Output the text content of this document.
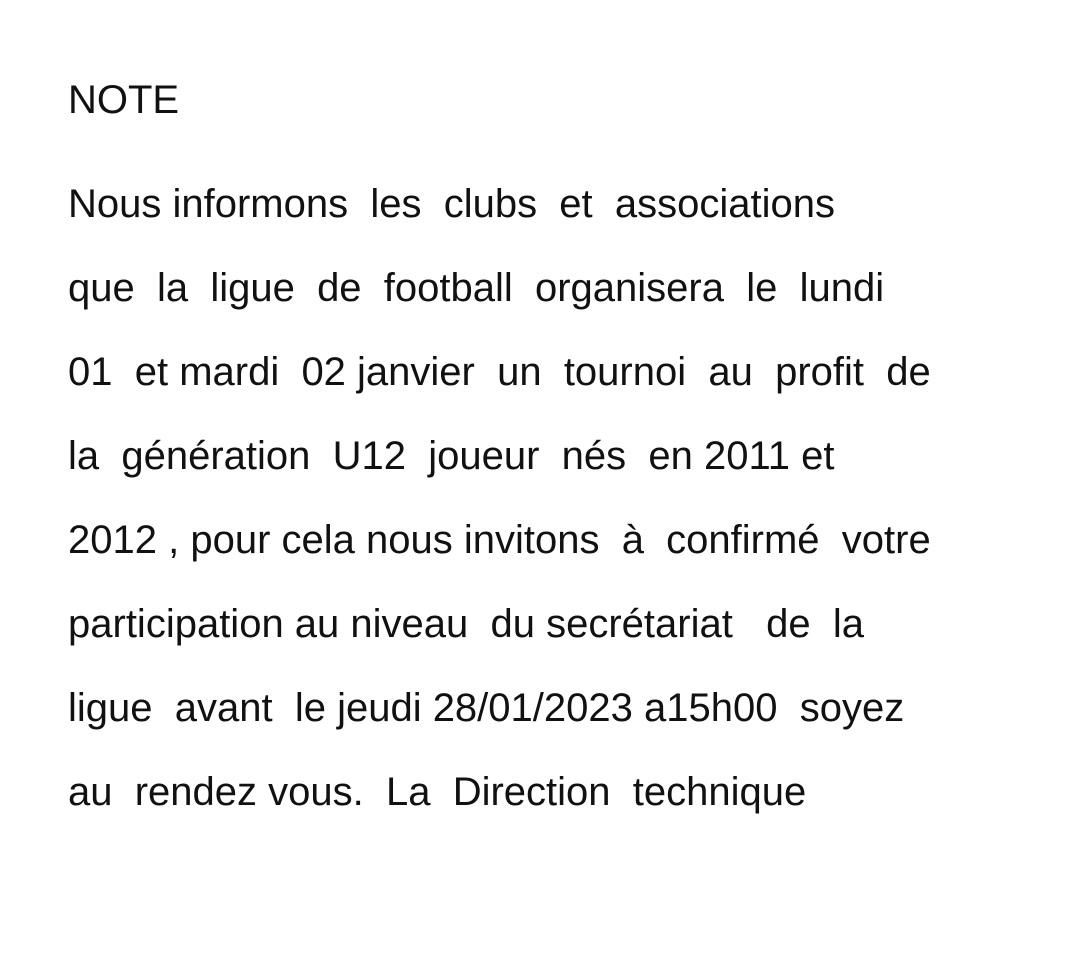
NOTE

Nous informons  les  clubs  et  associations

que  la  ligue  de  football  organisera  le  lundi

01  et mardi  02 janvier  un  tournoi  au  profit  de

la  génération  U12  joueur  nés  en 2011 et

2012 , pour cela nous invitons  à  confirmé  votre

participation au niveau  du secrétariat   de  la

ligue  avant  le jeudi 28/01/2023 a15h00  soyez

au  rendez vous.  La  Direction  technique
